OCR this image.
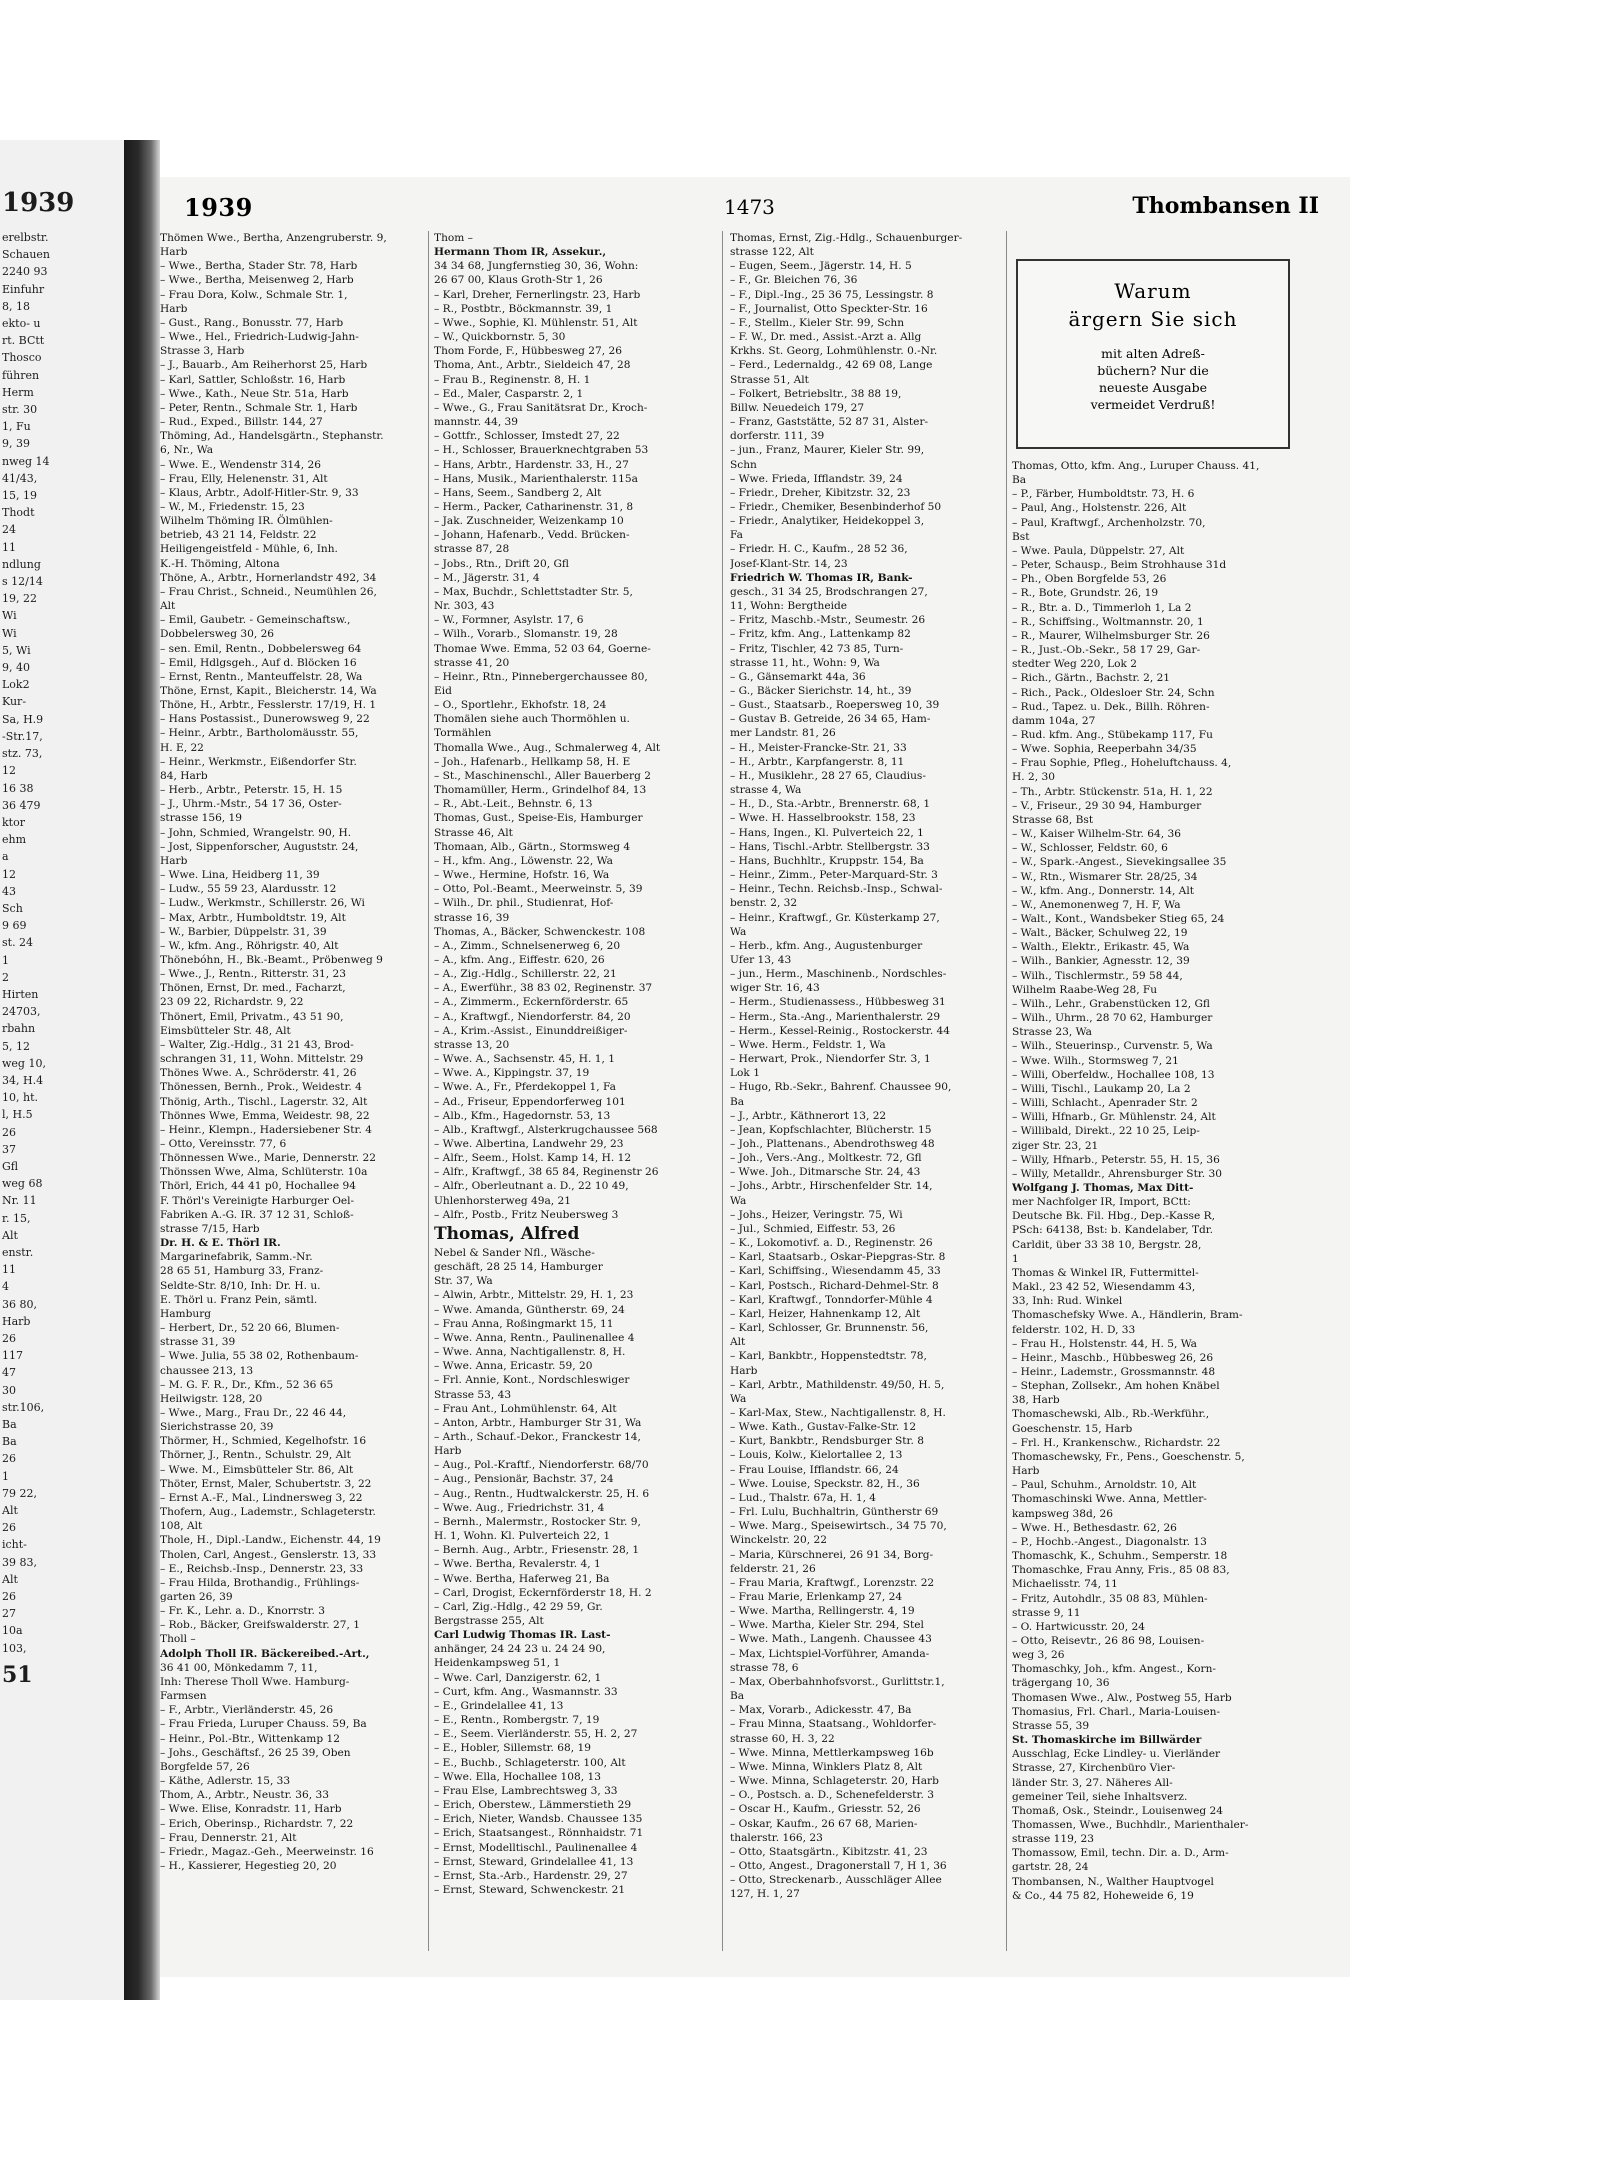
1939
erelbstr.
Schauen
2240 93
Einfuhr
8, 18
ekto- u
rt. BCtt
Thosco
führen
Herm
str. 30
1, Fu
9, 39
nweg 14
41/43,
15, 19
Thodt
24
11
ndlung
s 12/14
19, 22
Wi
Wi
5, Wi
9, 40
Lok2
Kur-
Sa, H.9
-Str.17,
stz. 73,
12
16 38
36 479
ktor
ehm
a
12
43
Sch
9 69
st. 24
1
2
Hirten
24703,
rbahn
5, 12
weg 10,
34, H.4
10, ht.
l, H.5
26
37
Gfl
weg 68
Nr. 11
r. 15,
Alt
enstr.
11
4
36 80,
Harb
26
117
47
30
str.106,
Ba
Ba
26
1
79 22,
Alt
26
icht-
39 83,
Alt
26
27
10a
103,
51
1939	1473	Thombansen II
Thömen Wwe., Bertha, Anzengruberstr. 9,
Harb
– Wwe., Bertha, Stader Str. 78, Harb
– Wwe., Bertha, Meisenweg 2, Harb
– Frau Dora, Kolw., Schmale Str. 1,
Harb
– Gust., Rang., Bonusstr. 77, Harb
– Wwe., Hel., Friedrich-Ludwig-Jahn-
Strasse 3, Harb
– J., Bauarb., Am Reiherhorst 25, Harb
– Karl, Sattler, Schloßstr. 16, Harb
– Wwe., Kath., Neue Str. 51a, Harb
– Peter, Rentn., Schmale Str. 1, Harb
– Rud., Exped., Billstr. 144, 27
Thöming, Ad., Handelsgärtn., Stephanstr.
6, Nr., Wa
– Wwe. E., Wendenstr 314, 26
– Frau, Elly, Helenenstr. 31, Alt
– Klaus, Arbtr., Adolf-Hitler-Str. 9, 33
– W., M., Friedenstr. 15, 23
Wilhelm Thöming IR. Ölmühlen-
betrieb, 43 21 14, Feldstr. 22
Heiligengeistfeld - Mühle, 6, Inh.
K.-H. Thöming, Altona
Thöne, A., Arbtr., Hornerlandstr 492, 34
– Frau Christ., Schneid., Neumühlen 26,
Alt
– Emil, Gaubetr. - Gemeinschaftsw.,
Dobbelersweg 30, 26
– sen. Emil, Rentn., Dobbelersweg 64
– Emil, Hdlgsgeh., Auf d. Blöcken 16
– Ernst, Rentn., Manteuffelstr. 28, Wa
Thöne, Ernst, Kapit., Bleicherstr. 14, Wa
Thöne, H., Arbtr., Fesslerstr. 17/19, H. 1
– Hans Postassist., Dunerowsweg 9, 22
– Heinr., Arbtr., Bartholomäusstr. 55,
H. E, 22
– Heinr., Werkmstr., Eißendorfer Str.
84, Harb
– Herb., Arbtr., Peterstr. 15, H. 15
– J., Uhrm.-Mstr., 54 17 36, Oster-
strasse 156, 19
– John, Schmied, Wrangelstr. 90, H.
– Jost, Sippenforscher, Auguststr. 24,
Harb
– Wwe. Lina, Heidberg 11, 39
– Ludw., 55 59 23, Alardusstr. 12
– Ludw., Werkmstr., Schillerstr. 26, Wi
– Max, Arbtr., Humboldtstr. 19, Alt
– W., Barbier, Düppelstr. 31, 39
– W., kfm. Ang., Röhrigstr. 40, Alt
Thönebóhn, H., Bk.-Beamt., Pröbenweg 9
– Wwe., J., Rentn., Ritterstr. 31, 23
Thönen, Ernst, Dr. med., Facharzt,
23 09 22, Richardstr. 9, 22
Thönert, Emil, Privatm., 43 51 90,
Eimsbütteler Str. 48, Alt
– Walter, Zig.-Hdlg., 31 21 43, Brod-
schrangen 31, 11, Wohn. Mittelstr. 29
Thönes Wwe. A., Schröderstr. 41, 26
Thönessen, Bernh., Prok., Weidestr. 4
Thönig, Arth., Tischl., Lagerstr. 32, Alt
Thönnes Wwe, Emma, Weidestr. 98, 22
– Heinr., Klempn., Hadersiebener Str. 4
– Otto, Vereinsstr. 77, 6
Thönnessen Wwe., Marie, Dennerstr. 22
Thönssen Wwe, Alma, Schlüterstr. 10a
Thörl, Erich, 44 41 p0, Hochallee 94
F. Thörl's Vereinigte Harburger Oel-
Fabriken A.-G. IR. 37 12 31, Schloß-
strasse 7/15, Harb
Dr. H. & E. Thörl IR.
Margarinefabrik, Samm.-Nr.
28 65 51, Hamburg 33, Franz-
Seldte-Str. 8/10, Inh: Dr. H. u.
E. Thörl u. Franz Pein, sämtl.
Hamburg
– Herbert, Dr., 52 20 66, Blumen-
strasse 31, 39
– Wwe. Julia, 55 38 02, Rothenbaum-
chaussee 213, 13
– M. G. F. R., Dr., Kfm., 52 36 65
Heilwigstr. 128, 20
– Wwe., Marg., Frau Dr., 22 46 44,
Sierichstrasse 20, 39
Thörmer, H., Schmied, Kegelhofstr. 16
Thörner, J., Rentn., Schulstr. 29, Alt
– Wwe. M., Eimsbütteler Str. 86, Alt
Thöter, Ernst, Maler, Schubertstr. 3, 22
– Ernst A.-F., Mal., Lindnersweg 3, 22
Thofern, Aug., Lademstr., Schlageterstr.
108, Alt
Thole, H., Dipl.-Landw., Eichenstr. 44, 19
Tholen, Carl, Angest., Genslerstr. 13, 33
– E., Reichsb.-Insp., Dennerstr. 23, 33
– Frau Hilda, Brothandig., Frühlings-
garten 26, 39
– Fr. K., Lehr. a. D., Knorrstr. 3
– Rob., Bäcker, Greifswalderstr. 27, 1
Tholl –
Adolph Tholl IR. Bäckereibed.-Art.,
36 41 00, Mönkedamm 7, 11,
Inh: Therese Tholl Wwe. Hamburg-
Farmsen
– F., Arbtr., Vierländerstr. 45, 26
– Frau Frieda, Luruper Chauss. 59, Ba
– Heinr., Pol.-Btr., Wittenkamp 12
– Johs., Geschäftsf., 26 25 39, Oben
Borgfelde 57, 26
– Käthe, Adlerstr. 15, 33
Thom, A., Arbtr., Neustr. 36, 33
– Wwe. Elise, Konradstr. 11, Harb
– Erich, Oberinsp., Richardstr. 7, 22
– Frau, Dennerstr. 21, Alt
– Friedr., Magaz.-Geh., Meerweinstr. 16
– H., Kassierer, Hegestieg 20, 20
Thom –
Hermann Thom IR, Assekur.,
34 34 68, Jungfernstieg 30, 36, Wohn:
26 67 00, Klaus Groth-Str 1, 26
– Karl, Dreher, Fernerlingstr. 23, Harb
– R., Postbtr., Böckmannstr. 39, 1
– Wwe., Sophie, Kl. Mühlenstr. 51, Alt
– W., Quickbornstr. 5, 30
Thom Forde, F., Hübbesweg 27, 26
Thoma, Ant., Arbtr., Sieldeich 47, 28
– Frau B., Reginenstr. 8, H. 1
– Ed., Maler, Casparstr. 2, 1
– Wwe., G., Frau Sanitätsrat Dr., Kroch-
mannstr. 44, 39
– Gottfr., Schlosser, Imstedt 27, 22
– H., Schlosser, Brauerknechtgraben 53
– Hans, Arbtr., Hardenstr. 33, H., 27
– Hans, Musik., Marienthalerstr. 115a
– Hans, Seem., Sandberg 2, Alt
– Herm., Packer, Catharinenstr. 31, 8
– Jak. Zuschneider, Weizenkamp 10
– Johann, Hafenarb., Vedd. Brücken-
strasse 87, 28
– Jobs., Rtn., Drift 20, Gfl
– M., Jägerstr. 31, 4
– Max, Buchdr., Schlettstadter Str. 5,
Nr. 303, 43
– W., Formner, Asylstr. 17, 6
– Wilh., Vorarb., Slomanstr. 19, 28
Thomae Wwe. Emma, 52 03 64, Goerne-
strasse 41, 20
– Heinr., Rtn., Pinnebergerchaussee 80,
Eid
– O., Sportlehr., Ekhofstr. 18, 24
Thomälen siehe auch Thormöhlen u.
Tormählen
Thomalla Wwe., Aug., Schmalerweg 4, Alt
– Joh., Hafenarb., Hellkamp 58, H. E
– St., Maschinenschl., Aller Bauerberg 2
Thomamüller, Herm., Grindelhof 84, 13
– R., Abt.-Leit., Behnstr. 6, 13
Thomas, Gust., Speise-Eis, Hamburger
Strasse 46, Alt
Thomaan, Alb., Gärtn., Stormsweg 4
– H., kfm. Ang., Löwenstr. 22, Wa
– Wwe., Hermine, Hofstr. 16, Wa
– Otto, Pol.-Beamt., Meerweinstr. 5, 39
– Wilh., Dr. phil., Studienrat, Hof-
strasse 16, 39
Thomas, A., Bäcker, Schwenckestr. 108
– A., Zimm., Schnelsenerweg 6, 20
– A., kfm. Ang., Eiffestr. 620, 26
– A., Zig.-Hdlg., Schillerstr. 22, 21
– A., Ewerführ., 38 83 02, Reginenstr. 37
– A., Zimmerm., Eckernförderstr. 65
– A., Kraftwgf., Niendorferstr. 84, 20
– A., Krim.-Assist., Einunddreißiger-
strasse 13, 20
– Wwe. A., Sachsenstr. 45, H. 1, 1
– Wwe. A., Kippingstr. 37, 19
– Wwe. A., Fr., Pferdekoppel 1, Fa
– Ad., Friseur, Eppendorferweg 101
– Alb., Kfm., Hagedornstr. 53, 13
– Alb., Kraftwgf., Alsterkrugchaussee 568
– Wwe. Albertina, Landwehr 29, 23
– Alfr., Seem., Holst. Kamp 14, H. 12
– Alfr., Kraftwgf., 38 65 84, Reginenstr 26
– Alfr., Oberleutnant a. D., 22 10 49,
Uhlenhorsterweg 49a, 21
– Alfr., Postb., Fritz Neubersweg 3
Thomas, Alfred
Nebel & Sander Nfl., Wäsche-
geschäft, 28 25 14, Hamburger
Str. 37, Wa
– Alwin, Arbtr., Mittelstr. 29, H. 1, 23
– Wwe. Amanda, Güntherstr. 69, 24
– Frau Anna, Roßingmarkt 15, 11
– Wwe. Anna, Rentn., Paulinenallee 4
– Wwe. Anna, Nachtigallenstr. 8, H.
– Wwe. Anna, Ericastr. 59, 20
– Frl. Annie, Kont., Nordschleswiger
Strasse 53, 43
– Frau Ant., Lohmühlenstr. 64, Alt
– Anton, Arbtr., Hamburger Str 31, Wa
– Arth., Schauf.-Dekor., Franckestr 14,
Harb
– Aug., Pol.-Kraftf., Niendorferstr. 68/70
– Aug., Pensionär, Bachstr. 37, 24
– Aug., Rentn., Hudtwalckerstr. 25, H. 6
– Wwe. Aug., Friedrichstr. 31, 4
– Bernh., Malermstr., Rostocker Str. 9,
H. 1, Wohn. Kl. Pulverteich 22, 1
– Bernh. Aug., Arbtr., Friesenstr. 28, 1
– Wwe. Bertha, Revalerstr. 4, 1
– Wwe. Bertha, Haferweg 21, Ba
– Carl, Drogist, Eckernförderstr 18, H. 2
– Carl, Zig.-Hdlg., 42 29 59, Gr.
Bergstrasse 255, Alt
Carl Ludwig Thomas IR. Last-
anhänger, 24 24 23 u. 24 24 90,
Heidenkampsweg 51, 1
– Wwe. Carl, Danzigerstr. 62, 1
– Curt, kfm. Ang., Wasmannstr. 33
– E., Grindelallee 41, 13
– E., Rentn., Rombergstr. 7, 19
– E., Seem. Vierländerstr. 55, H. 2, 27
– E., Hobler, Sillemstr. 68, 19
– E., Buchb., Schlageterstr. 100, Alt
– Wwe. Ella, Hochallee 108, 13
– Frau Else, Lambrechtsweg 3, 33
– Erich, Oberstew., Lämmerstieth 29
– Erich, Nieter, Wandsb. Chaussee 135
– Erich, Staatsangest., Rönnhaidstr. 71
– Ernst, Modelltischl., Paulinenallee 4
– Ernst, Steward, Grindelallee 41, 13
– Ernst, Sta.-Arb., Hardenstr. 29, 27
– Ernst, Steward, Schwenckestr. 21
Thomas, Ernst, Zig.-Hdlg., Schauenburger-
strasse 122, Alt
– Eugen, Seem., Jägerstr. 14, H. 5
– F., Gr. Bleichen 76, 36
– F., Dipl.-Ing., 25 36 75, Lessingstr. 8
– F., Journalist, Otto Speckter-Str. 16
– F., Stellm., Kieler Str. 99, Schn
– F. W., Dr. med., Assist.-Arzt a. Allg
Krkhs. St. Georg, Lohmühlenstr. 0.-Nr.
– Ferd., Ledernaldg., 42 69 08, Lange
Strasse 51, Alt
– Folkert, Betriebsltr., 38 88 19,
Billw. Neuedeich 179, 27
– Franz, Gaststätte, 52 87 31, Alster-
dorferstr. 111, 39
– jun., Franz, Maurer, Kieler Str. 99,
Schn
– Wwe. Frieda, Ifflandstr. 39, 24
– Friedr., Dreher, Kibitzstr. 32, 23
– Friedr., Chemiker, Besenbinderhof 50
– Friedr., Analytiker, Heidekoppel 3,
Fa
– Friedr. H. C., Kaufm., 28 52 36,
Josef-Klant-Str. 14, 23
Friedrich W. Thomas IR, Bank-
gesch., 31 34 25, Brodschrangen 27,
11, Wohn: Bergtheide
– Fritz, Maschb.-Mstr., Seumestr. 26
– Fritz, kfm. Ang., Lattenkamp 82
– Fritz, Tischler, 42 73 85, Turn-
strasse 11, ht., Wohn: 9, Wa
– G., Gänsemarkt 44a, 36
– G., Bäcker Sierichstr. 14, ht., 39
– Gust., Staatsarb., Roepersweg 10, 39
– Gustav B. Getreide, 26 34 65, Ham-
mer Landstr. 81, 26
– H., Meister-Francke-Str. 21, 33
– H., Arbtr., Karpfangerstr. 8, 11
– H., Musiklehr., 28 27 65, Claudius-
strasse 4, Wa
– H., D., Sta.-Arbtr., Brennerstr. 68, 1
– Wwe. H. Hasselbrookstr. 158, 23
– Hans, Ingen., Kl. Pulverteich 22, 1
– Hans, Tischl.-Arbtr. Stellbergstr. 33
– Hans, Buchhltr., Kruppstr. 154, Ba
– Heinr., Zimm., Peter-Marquard-Str. 3
– Heinr., Techn. Reichsb.-Insp., Schwal-
benstr. 2, 32
– Heinr., Kraftwgf., Gr. Küsterkamp 27,
Wa
– Herb., kfm. Ang., Augustenburger
Ufer 13, 43
– jun., Herm., Maschinenb., Nordschles-
wiger Str. 16, 43
– Herm., Studienassess., Hübbesweg 31
– Herm., Sta.-Ang., Marienthalerstr. 29
– Herm., Kessel-Reinig., Rostockerstr. 44
– Wwe. Herm., Feldstr. 1, Wa
– Herwart, Prok., Niendorfer Str. 3, 1
Lok 1
– Hugo, Rb.-Sekr., Bahrenf. Chaussee 90,
Ba
– J., Arbtr., Käthnerort 13, 22
– Jean, Kopfschlachter, Blücherstr. 15
– Joh., Plattenans., Abendrothsweg 48
– Joh., Vers.-Ang., Moltkestr. 72, Gfl
– Wwe. Joh., Ditmarsche Str. 24, 43
– Johs., Arbtr., Hirschenfelder Str. 14,
Wa
– Johs., Heizer, Veringstr. 75, Wi
– Jul., Schmied, Eiffestr. 53, 26
– K., Lokomotivf. a. D., Reginenstr. 26
– Karl, Staatsarb., Oskar-Piepgras-Str. 8
– Karl, Schiffsing., Wiesendamm 45, 33
– Karl, Postsch., Richard-Dehmel-Str. 8
– Karl, Kraftwgf., Tonndorfer-Mühle 4
– Karl, Heizer, Hahnenkamp 12, Alt
– Karl, Schlosser, Gr. Brunnenstr. 56,
Alt
– Karl, Bankbtr., Hoppenstedtstr. 78,
Harb
– Karl, Arbtr., Mathildenstr. 49/50, H. 5,
Wa
– Karl-Max, Stew., Nachtigallenstr. 8, H.
– Wwe. Kath., Gustav-Falke-Str. 12
– Kurt, Bankbtr., Rendsburger Str. 8
– Louis, Kolw., Kielortallee 2, 13
– Frau Louise, Ifflandstr. 66, 24
– Wwe. Louise, Speckstr. 82, H., 36
– Lud., Thalstr. 67a, H. 1, 4
– Frl. Lulu, Buchhaltrin, Güntherstr 69
– Wwe. Marg., Speisewirtsch., 34 75 70,
Winckelstr. 20, 22
– Maria, Kürschnerei, 26 91 34, Borg-
felderstr. 21, 26
– Frau Maria, Kraftwgf., Lorenzstr. 22
– Frau Marie, Erlenkamp 27, 24
– Wwe. Martha, Rellingerstr. 4, 19
– Wwe. Martha, Kieler Str. 294, Stel
– Wwe. Math., Langenh. Chaussee 43
– Max, Lichtspiel-Vorführer, Amanda-
strasse 78, 6
– Max, Oberbahnhofsvorst., Gurlittstr.1,
Ba
– Max, Vorarb., Adickesstr. 47, Ba
– Frau Minna, Staatsang., Wohldorfer-
strasse 60, H. 3, 22
– Wwe. Minna, Mettlerkampsweg 16b
– Wwe. Minna, Winklers Platz 8, Alt
– Wwe. Minna, Schlageterstr. 20, Harb
– O., Postsch. a. D., Schenefelderstr. 3
– Oscar H., Kaufm., Griesstr. 52, 26
– Oskar, Kaufm., 26 67 68, Marien-
thalerstr. 166, 23
– Otto, Staatsgärtn., Kibitzstr. 41, 23
– Otto, Angest., Dragonerstall 7, H 1, 36
– Otto, Streckenarb., Ausschläger Allee
127, H. 1, 27
Warum
ärgern Sie sich
mit alten Adreß-
büchern? Nur die
neueste Ausgabe
vermeidet Verdruß!
Thomas, Otto, kfm. Ang., Luruper Chauss. 41,
Ba
– P., Färber, Humboldtstr. 73, H. 6
– Paul, Ang., Holstenstr. 226, Alt
– Paul, Kraftwgf., Archenholzstr. 70,
Bst
– Wwe. Paula, Düppelstr. 27, Alt
– Peter, Schausp., Beim Strohhause 31d
– Ph., Oben Borgfelde 53, 26
– R., Bote, Grundstr. 26, 19
– R., Btr. a. D., Timmerloh 1, La 2
– R., Schiffsing., Woltmannstr. 20, 1
– R., Maurer, Wilhelmsburger Str. 26
– R., Just.-Ob.-Sekr., 58 17 29, Gar-
stedter Weg 220, Lok 2
– Rich., Gärtn., Bachstr. 2, 21
– Rich., Pack., Oldesloer Str. 24, Schn
– Rud., Tapez. u. Dek., Billh. Röhren-
damm 104a, 27
– Rud. kfm. Ang., Stübekamp 117, Fu
– Wwe. Sophia, Reeperbahn 34/35
– Frau Sophie, Pfleg., Hoheluftchauss. 4,
H. 2, 30
– Th., Arbtr. Stückenstr. 51a, H. 1, 22
– V., Friseur., 29 30 94, Hamburger
Strasse 68, Bst
– W., Kaiser Wilhelm-Str. 64, 36
– W., Schlosser, Feldstr. 60, 6
– W., Spark.-Angest., Sievekingsallee 35
– W., Rtn., Wismarer Str. 28/25, 34
– W., kfm. Ang., Donnerstr. 14, Alt
– W., Anemonenweg 7, H. F, Wa
– Walt., Kont., Wandsbeker Stieg 65, 24
– Walt., Bäcker, Schulweg 22, 19
– Walth., Elektr., Erikastr. 45, Wa
– Wilh., Bankier, Agnesstr. 12, 39
– Wilh., Tischlermstr., 59 58 44,
Wilhelm Raabe-Weg 28, Fu
– Wilh., Lehr., Grabenstücken 12, Gfl
– Wilh., Uhrm., 28 70 62, Hamburger
Strasse 23, Wa
– Wilh., Steuerinsp., Curvenstr. 5, Wa
– Wwe. Wilh., Stormsweg 7, 21
– Willi, Oberfeldw., Hochallee 108, 13
– Willi, Tischl., Laukamp 20, La 2
– Willi, Schlacht., Apenrader Str. 2
– Willi, Hfnarb., Gr. Mühlenstr. 24, Alt
– Willibald, Direkt., 22 10 25, Leip-
ziger Str. 23, 21
– Willy, Hfnarb., Peterstr. 55, H. 15, 36
– Willy, Metalldr., Ahrensburger Str. 30
Wolfgang J. Thomas, Max Ditt-
mer Nachfolger IR, Import, BCtt:
Deutsche Bk. Fil. Hbg., Dep.-Kasse R,
PSch: 64138, Bst: b. Kandelaber, Tdr.
Carldit, über 33 38 10, Bergstr. 28,
1
Thomas & Winkel IR, Futtermittel-
Makl., 23 42 52, Wiesendamm 43,
33, Inh: Rud. Winkel
Thomaschefsky Wwe. A., Händlerin, Bram-
felderstr. 102, H. D, 33
– Frau H., Holstenstr. 44, H. 5, Wa
– Heinr., Maschb., Hübbesweg 26, 26
– Heinr., Lademstr., Grossmannstr. 48
– Stephan, Zollsekr., Am hohen Knäbel
38, Harb
Thomaschewski, Alb., Rb.-Werkführ.,
Goeschenstr. 15, Harb
– Frl. H., Krankenschw., Richardstr. 22
Thomaschewsky, Fr., Pens., Goeschenstr. 5,
Harb
– Paul, Schuhm., Arnoldstr. 10, Alt
Thomaschinski Wwe. Anna, Mettler-
kampsweg 38d, 26
– Wwe. H., Bethesdastr. 62, 26
– P., Hochb.-Angest., Diagonalstr. 13
Thomaschk, K., Schuhm., Semperstr. 18
Thomaschke, Frau Anny, Fris., 85 08 83,
Michaelisstr. 74, 11
– Fritz, Autohdlr., 35 08 83, Mühlen-
strasse 9, 11
– O. Hartwicusstr. 20, 24
– Otto, Reisevtr., 26 86 98, Louisen-
weg 3, 26
Thomaschky, Joh., kfm. Angest., Korn-
trägergang 10, 36
Thomasen Wwe., Alw., Postweg 55, Harb
Thomasius, Frl. Charl., Maria-Louisen-
Strasse 55, 39
St. Thomaskirche im Billwärder
Ausschlag, Ecke Lindley- u. Vierländer
Strasse, 27, Kirchenbüro Vier-
länder Str. 3, 27. Näheres All-
gemeiner Teil, siehe Inhaltsverz.
Thomaß, Osk., Steindr., Louisenweg 24
Thomassen, Wwe., Buchhdlr., Marienthaler-
strasse 119, 23
Thomassow, Emil, techn. Dir. a. D., Arm-
gartstr. 28, 24
Thombansen, N., Walther Hauptvogel
& Co., 44 75 82, Hoheweide 6, 19
